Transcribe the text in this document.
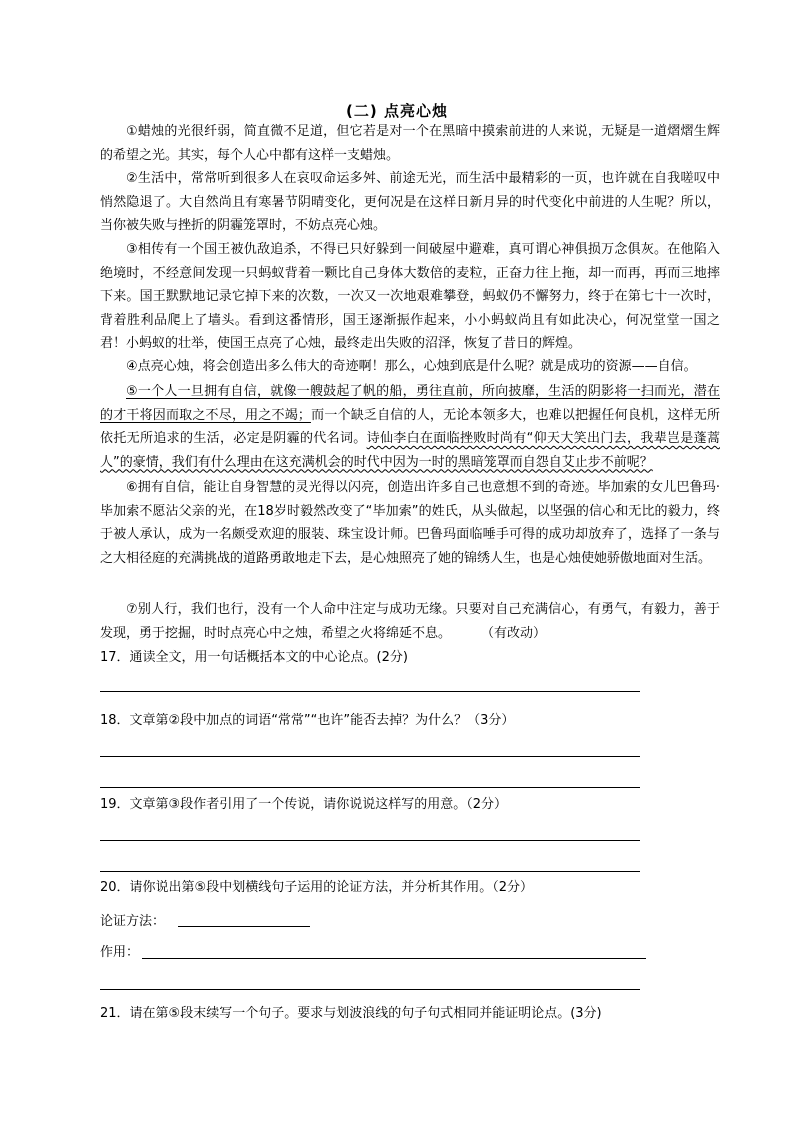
(二) 点亮心烛

①蜡烛的光很纤弱，简直微不足道，但它若是对一个在黑暗中摸索前进的人来说，无疑是一道熠熠生辉的希望之光。其实，每个人心中都有这样一支蜡烛。

②生活中，常常听到很多人在哀叹命运多舛、前途无光，而生活中最精彩的一页，也许就在自我嗟叹中悄然隐退了。大自然尚且有寒暑节阴晴变化，更何况是在这样日新月异的时代变化中前进的人生呢？所以，当你被失败与挫折的阴霾笼罩时，不妨点亮心烛。

③相传有一个国王被仇敌追杀，不得已只好躲到一间破屋中避难，真可谓心神俱损万念俱灰。在他陷入绝境时，不经意间发现一只蚂蚁背着一颗比自己身体大数倍的麦粒，正奋力往上拖，却一而再，再而三地摔下来。国王默默地记录它掉下来的次数，一次又一次地艰难攀登，蚂蚁仍不懈努力，终于在第七十一次时，背着胜利品爬上了墙头。看到这番情形，国王逐渐振作起来，小小蚂蚁尚且有如此决心，何况堂堂一国之君！小蚂蚁的壮举，使国王点亮了心烛，最终走出失败的沼泽，恢复了昔日的辉煌。

④点亮心烛，将会创造出多么伟大的奇迹啊！那么，心烛到底是什么呢？就是成功的资源——自信。

⑤一个人一旦拥有自信，就像一艘鼓起了帆的船，勇往直前，所向披靡，生活的阴影将一扫而光，潜在的才干将因而取之不尽，用之不竭；而一个缺乏自信的人，无论本领多大，也难以把握任何良机，这样无所依托无所追求的生活，必定是阴霾的代名词。诗仙李白在面临挫败时尚有“仰天大笑出门去，我辈岂是蓬蒿人”的豪情，我们有什么理由在这充满机会的时代中因为一时的黑暗笼罩而自怨自艾止步不前呢？

⑥拥有自信，能让自身智慧的灵光得以闪亮，创造出许多自己也意想不到的奇迹。毕加索的女儿巴鲁玛·毕加索不愿沾父亲的光，在18岁时毅然改变了“毕加索”的姓氏，从头做起，以坚强的信心和无比的毅力，终于被人承认，成为一名颇受欢迎的服装、珠宝设计师。巴鲁玛面临唾手可得的成功却放弃了，选择了一条与之大相径庭的充满挑战的道路勇敢地走下去，是心烛照亮了她的锦绣人生，也是心烛使她骄傲地面对生活。

⑦别人行，我们也行，没有一个人命中注定与成功无缘。只要对自己充满信心，有勇气，有毅力，善于发现，勇于挖掘，时时点亮心中之烛，希望之火将绵延不息。 （有改动）

17．通读全文，用一句话概括本文的中心论点。(2分)

18．文章第②段中加点的词语“常常”“也许”能否去掉？为什么？（3分）

19．文章第③段作者引用了一个传说，请你说说这样写的用意。（2分）

20．请你说出第⑤段中划横线句子运用的论证方法，并分析其作用。（2分）

论证方法：
作用：

21．请在第⑤段末续写一个句子。要求与划波浪线的句子句式相同并能证明论点。(3分)
